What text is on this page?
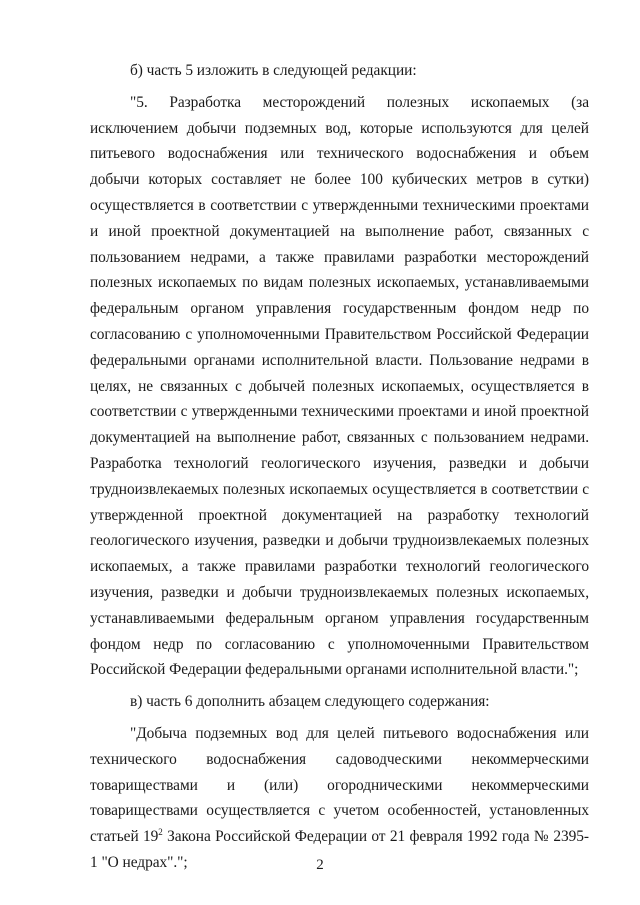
б) часть 5 изложить в следующей редакции:

"5. Разработка месторождений полезных ископаемых (за исключением добычи подземных вод, которые используются для целей питьевого водоснабжения или технического водоснабжения и объем добычи которых составляет не более 100 кубических метров в сутки) осуществляется в соответствии с утвержденными техническими проектами и иной проектной документацией на выполнение работ, связанных с пользованием недрами, а также правилами разработки месторождений полезных ископаемых по видам полезных ископаемых, устанавливаемыми федеральным органом управления государственным фондом недр по согласованию с уполномоченными Правительством Российской Федерации федеральными органами исполнительной власти. Пользование недрами в целях, не связанных с добычей полезных ископаемых, осуществляется в соответствии с утвержденными техническими проектами и иной проектной документацией на выполнение работ, связанных с пользованием недрами. Разработка технологий геологического изучения, разведки и добычи трудноизвлекаемых полезных ископаемых осуществляется в соответствии с утвержденной проектной документацией на разработку технологий геологического изучения, разведки и добычи трудноизвлекаемых полезных ископаемых, а также правилами разработки технологий геологического изучения, разведки и добычи трудноизвлекаемых полезных ископаемых, устанавливаемыми федеральным органом управления государственным фондом недр по согласованию с уполномоченными Правительством Российской Федерации федеральными органами исполнительной власти.";

в) часть 6 дополнить абзацем следующего содержания:

"Добыча подземных вод для целей питьевого водоснабжения или технического водоснабжения садоводческими некоммерческими товариществами и (или) огородническими некоммерческими товариществами осуществляется с учетом особенностей, установленных статьей $19^2$ Закона Российской Федерации от 21 февраля 1992 года № 2395-1 "О недрах".";	2
